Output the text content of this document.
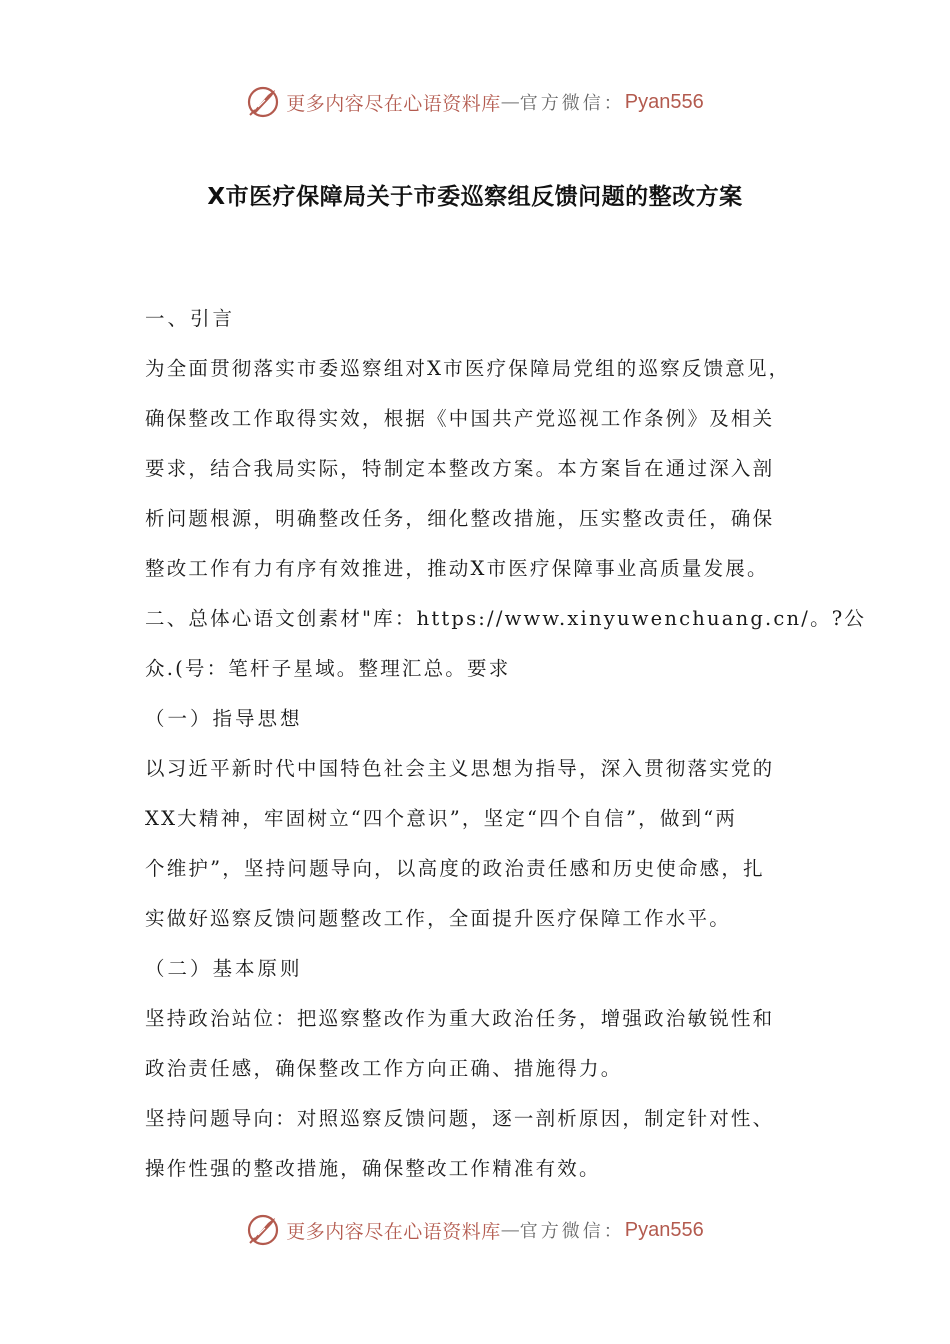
更多内容尽在心语资料库 — 官方微信： Pyan556
X市医疗保障局关于市委巡察组反馈问题的整改方案
一、引言
为全面贯彻落实市委巡察组对X市医疗保障局党组的巡察反馈意见，
确保整改工作取得实效，根据《中国共产党巡视工作条例》及相关
要求，结合我局实际，特制定本整改方案。本方案旨在通过深入剖
析问题根源，明确整改任务，细化整改措施，压实整改责任，确保
整改工作有力有序有效推进，推动X市医疗保障事业高质量发展。
二、总体心语文创素材"库：https://www.xinyuwenchuang.cn/。?公
众.(号：笔杆子星域。整理汇总。要求
（一）指导思想
以习近平新时代中国特色社会主义思想为指导，深入贯彻落实党的
XX大精神，牢固树立“四个意识”，坚定“四个自信”，做到“两
个维护”，坚持问题导向，以高度的政治责任感和历史使命感，扎
实做好巡察反馈问题整改工作，全面提升医疗保障工作水平。
（二）基本原则
坚持政治站位：把巡察整改作为重大政治任务，增强政治敏锐性和
政治责任感，确保整改工作方向正确、措施得力。
坚持问题导向：对照巡察反馈问题，逐一剖析原因，制定针对性、
操作性强的整改措施，确保整改工作精准有效。
更多内容尽在心语资料库 — 官方微信： Pyan556
